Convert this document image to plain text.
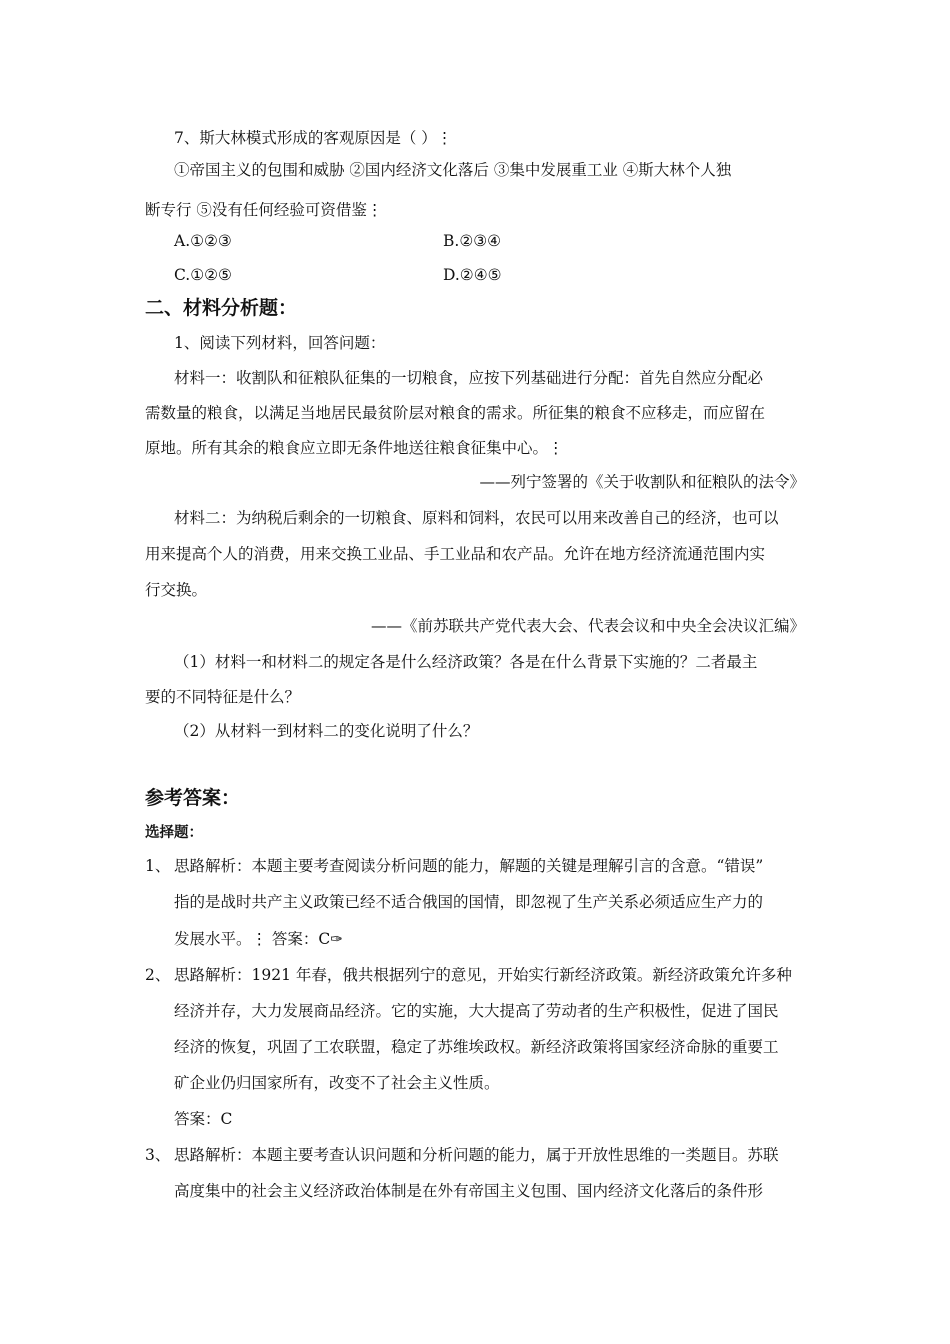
7、斯大林模式形成的客观原因是（ ）⋮
①帝国主义的包围和威胁 ②国内经济文化落后 ③集中发展重工业 ④斯大林个人独
断专行 ⑤没有任何经验可资借鉴⋮
A.①②③	B.②③④
C.①②⑤	D.②④⑤
二、材料分析题：
1、阅读下列材料，回答问题：
材料一：收割队和征粮队征集的一切粮食，应按下列基础进行分配：首先自然应分配必
需数量的粮食，以满足当地居民最贫阶层对粮食的需求。所征集的粮食不应移走，而应留在
原地。所有其余的粮食应立即无条件地送往粮食征集中心。⋮
——列宁签署的《关于收割队和征粮队的法令》
材料二：为纳税后剩余的一切粮食、原料和饲料，农民可以用来改善自己的经济，也可以
用来提高个人的消费，用来交换工业品、手工业品和农产品。允许在地方经济流通范围内实
行交换。
——《前苏联共产党代表大会、代表会议和中央全会决议汇编》
（1）材料一和材料二的规定各是什么经济政策？各是在什么背景下实施的？二者最主
要的不同特征是什么？
（2）从材料一到材料二的变化说明了什么？
参考答案：
选择题：
1、 思路解析：本题主要考查阅读分析问题的能力，解题的关键是理解引言的含意。“错误”
指的是战时共产主义政策已经不适合俄国的国情，即忽视了生产关系必须适应生产力的
发展水平。⋮ 答案：C✑
2、 思路解析：1921 年春，俄共根据列宁的意见，开始实行新经济政策。新经济政策允许多种
经济并存，大力发展商品经济。它的实施，大大提高了劳动者的生产积极性，促进了国民
经济的恢复，巩固了工农联盟，稳定了苏维埃政权。新经济政策将国家经济命脉的重要工
矿企业仍归国家所有，改变不了社会主义性质。
答案：C
3、 思路解析：本题主要考查认识问题和分析问题的能力，属于开放性思维的一类题目。苏联
高度集中的社会主义经济政治体制是在外有帝国主义包围、国内经济文化落后的条件形
